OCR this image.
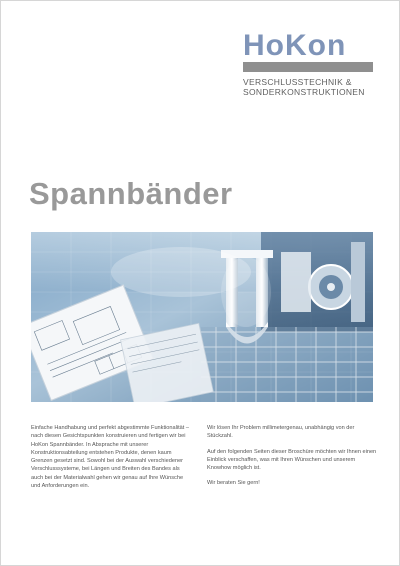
HoKon
VERSCHLUSSTECHNIK &
SONDERKONSTRUKTIONEN
Spannbänder

Einfache Handhabung und perfekt abgestimmte Funktionalität – nach diesen Gesichtspunkten konstruieren und fertigen wir bei HoKon Spannbänder. In Absprache mit unserer Konstruktionsabteilung entstehen Produkte, denen kaum Grenzen gesetzt sind. Sowohl bei der Auswahl verschiedener Verschlusssysteme, bei Längen und Breiten des Bandes als auch bei der Materialwahl gehen wir genau auf Ihre Wünsche und Anforderungen ein.

Wir lösen Ihr Problem millimetergenau, unabhängig von der Stückzahl.

Auf den folgenden Seiten dieser Broschüre möchten wir Ihnen einen Einblick verschaffen, was mit Ihren Wünschen und unserem Knowhow möglich ist.

Wir beraten Sie gern!
